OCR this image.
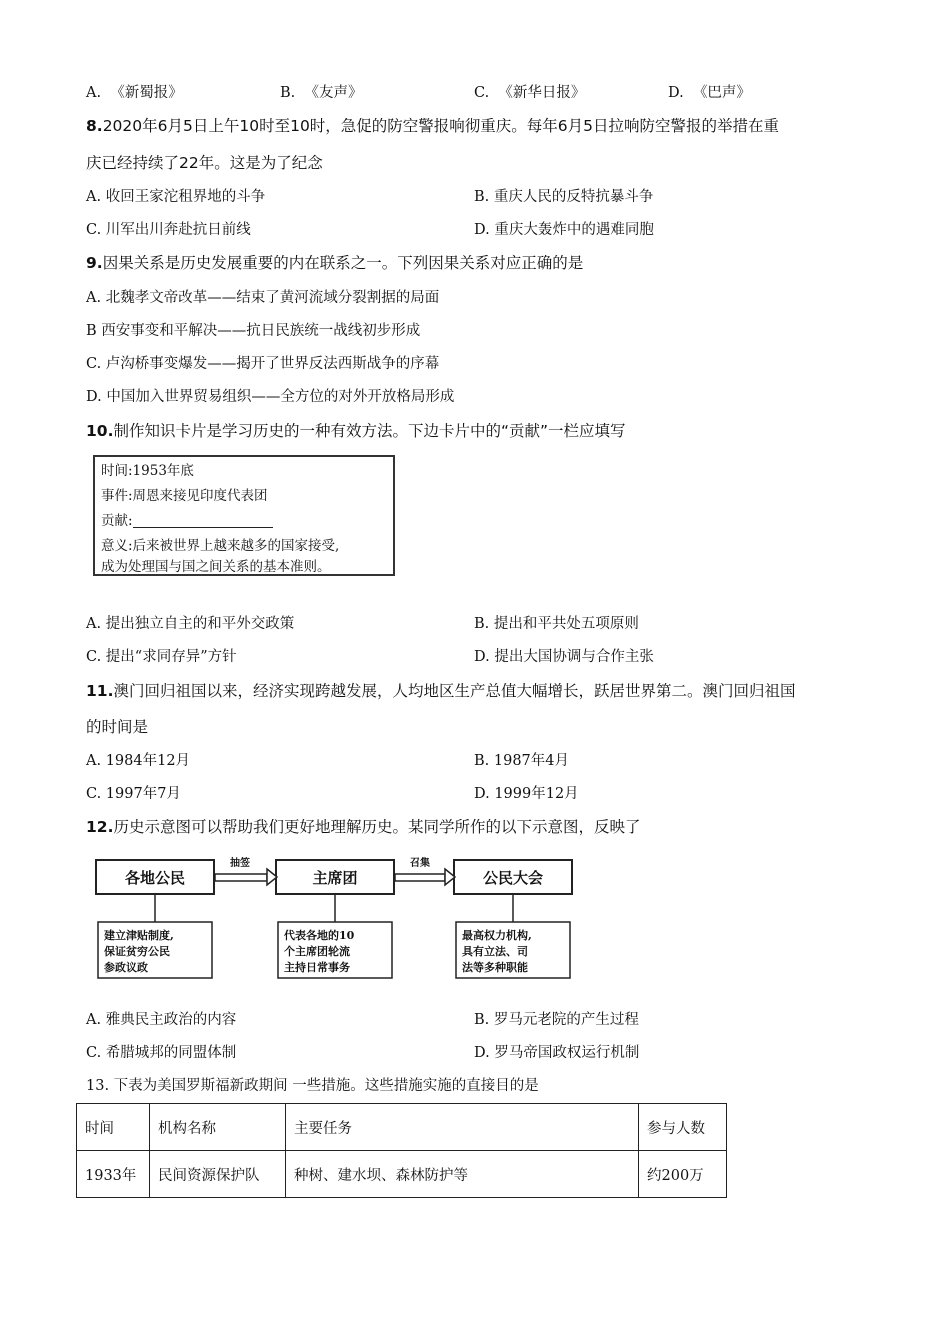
A. 《新蜀报》	B. 《友声》	C. 《新华日报》	D. 《巴声》
8.2020年6月5日上午10时至10时，急促的防空警报响彻重庆。每年6月5日拉响防空警报的举措在重
庆已经持续了22年。这是为了纪念
A. 收回王家沱租界地的斗争	B. 重庆人民的反特抗暴斗争
C. 川军出川奔赴抗日前线	D. 重庆大轰炸中的遇难同胞
9.因果关系是历史发展重要的内在联系之一。下列因果关系对应正确的是
A. 北魏孝文帝改革——结束了黄河流域分裂割据的局面
B 西安事变和平解决——抗日民族统一战线初步形成
C. 卢沟桥事变爆发——揭开了世界反法西斯战争的序幕
D. 中国加入世界贸易组织——全方位的对外开放格局形成
10.制作知识卡片是学习历史的一种有效方法。下边卡片中的“贡献”一栏应填写
时间:1953年底
事件:周恩来接见印度代表团
贡献:
意义:后来被世界上越来越多的国家接受,
成为处理国与国之间关系的基本准则。
A. 提出独立自主的和平外交政策	B. 提出和平共处五项原则
C. 提出“求同存异”方针	D. 提出大国协调与合作主张
11.澳门回归祖国以来，经济实现跨越发展，人均地区生产总值大幅增长，跃居世界第二。澳门回归祖国
的时间是
A. 1984年12月	B. 1987年4月
C. 1997年7月	D. 1999年12月
12.历史示意图可以帮助我们更好地理解历史。某同学所作的以下示意图，反映了
各地公民	主席团	公民大会
抽签	召集
建立津贴制度,
保证贫穷公民
参政议政
代表各地的10
个主席团轮流
主持日常事务
最高权力机构,
具有立法、司
法等多种职能
A. 雅典民主政治的内容	B. 罗马元老院的产生过程
C. 希腊城邦的同盟体制	D. 罗马帝国政权运行机制
13. 下表为美国罗斯福新政期间 一些措施。这些措施实施的直接目的是
时间	机构名称	主要任务	参与人数
1933年	民间资源保护队	种树、建水坝、森林防护等	约200万
